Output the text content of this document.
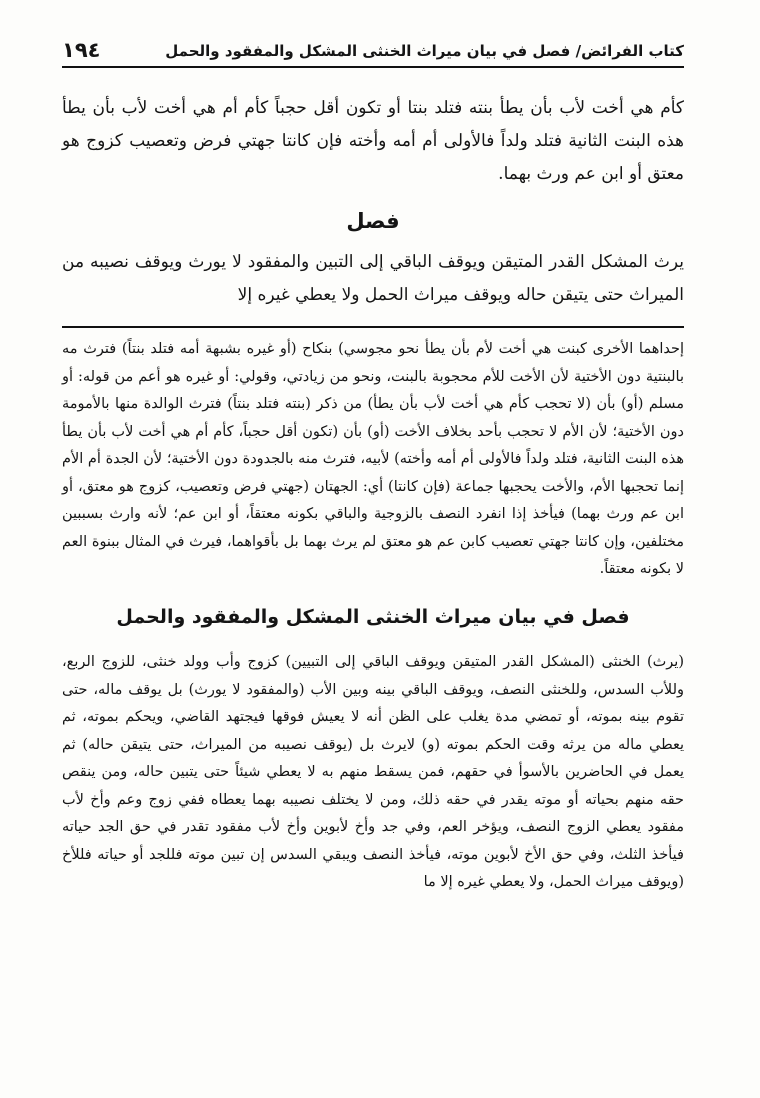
كتاب الفرائض/ فصل في بيان ميراث الخنثى المشكل والمفقود والحمل
١٩٤

كأم هي أخت لأب بأن يطأ بنته فتلد بنتا أو تكون أقل حجباً كأم أم هي أخت لأب بأن يطأ هذه البنت الثانية فتلد ولداً فالأولى أم أمه وأخته فإن كانتا جهتي فرض وتعصيب كزوج هو معتق أو ابن عم ورث بهما.

فصل

يرث المشكل القدر المتيقن ويوقف الباقي إلى التبين والمفقود لا يورث ويوقف نصيبه من الميراث حتى يتيقن حاله ويوقف ميراث الحمل ولا يعطي غيره إلا

إحداهما الأخرى كبنت هي أخت لأم بأن يطأ نحو مجوسي) بنكاح (أو غيره بشبهة أمه فتلد بنتاً) فترث مه بالبنتية دون الأختية لأن الأخت للأم محجوبة بالبنت، ونحو من زيادتي، وقولي: أو غيره هو أعم من قوله: أو مسلم (أو) بأن (لا تحجب كأم هي أخت لأب بأن يطأ) من ذكر (بنته فتلد بنتاً) فترث الوالدة منها بالأمومة دون الأختية؛ لأن الأم لا تحجب بأحد بخلاف الأخت (أو) بأن (تكون أقل حجباً، كأم أم هي أخت لأب بأن يطأ هذه البنت الثانية، فتلد ولداً فالأولى أم أمه وأخته) لأبيه، فترث منه بالجدودة دون الأختية؛ لأن الجدة أم الأم إنما تحجبها الأم، والأخت يحجبها جماعة (فإن كانتا) أي: الجهتان (جهتي فرض وتعصيب، كزوج هو معتق، أو ابن عم ورث بهما) فيأخذ إذا انفرد النصف بالزوجية والباقي بكونه معتقاً، أو ابن عم؛ لأنه وارث بسببين مختلفين، وإن كانتا جهتي تعصيب كابن عم هو معتق لم يرث بهما بل بأقواهما، فيرث في المثال ببنوة العم لا بكونه معتقاً.

فصل في بيان ميراث الخنثى المشكل والمفقود والحمل

(يرث) الخنثى (المشكل القدر المتيقن ويوقف الباقي إلى التبيين) كزوج وأب وولد خنثى، للزوج الربع، وللأب السدس، وللخنثى النصف، ويوقف الباقي بينه وبين الأب (والمفقود لا يورث) بل يوقف ماله، حتى تقوم بينه بموته، أو تمضي مدة يغلب على الظن أنه لا يعيش فوقها فيجتهد القاضي، ويحكم بموته، ثم يعطي ماله من يرثه وقت الحكم بموته (و) لايرث بل (يوقف نصيبه من الميراث، حتى يتيقن حاله) ثم يعمل في الحاضرين بالأسوأ في حقهم، فمن يسقط منهم به لا يعطي شيئاً حتى يتبين حاله، ومن ينقص حقه منهم بحياته أو موته يقدر في حقه ذلك، ومن لا يختلف نصيبه بهما يعطاه ففي زوج وعم وأخ لأب مفقود يعطي الزوج النصف، ويؤخر العم، وفي جد وأخ لأبوين وأخ لأب مفقود تقدر في حق الجد حياته فيأخذ الثلث، وفي حق الأخ لأبوين موته، فيأخذ النصف ويبقي السدس إن تبين موته فللجد أو حياته فللأخ (ويوقف ميراث الحمل، ولا يعطي غيره إلا ما
